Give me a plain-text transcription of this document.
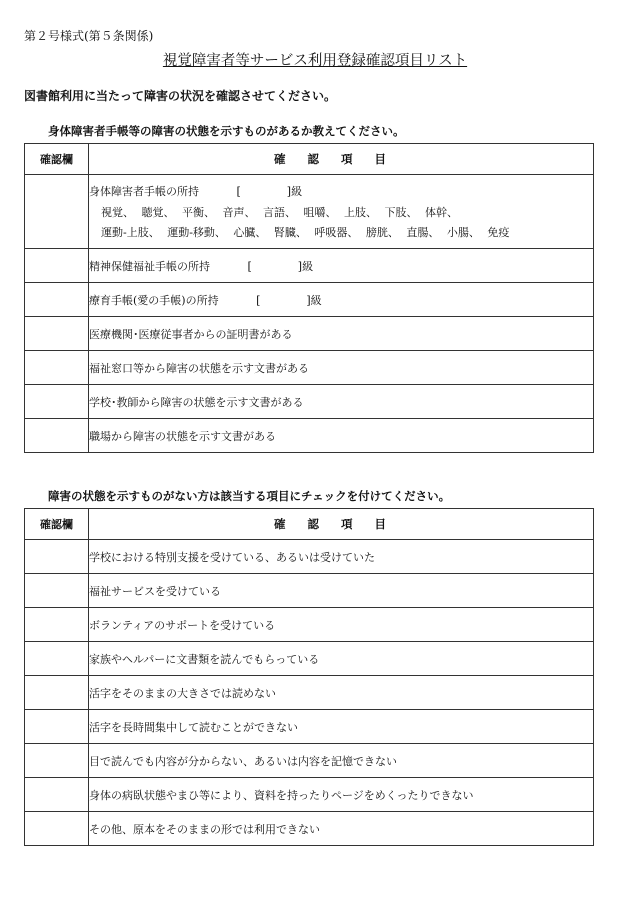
第２号様式(第５条関係)
視覚障害者等サービス利用登録確認項目リスト
図書館利用に当たって障害の状況を確認させてください。
身体障害者手帳等の障害の状態を示すものがあるか教えてください。
確認欄	確認項目

	身体障害者手帳の所持 [ ]級
視覚、 聴覚、 平衡、 音声、 言語、 咀嚼、 上肢、 下肢、 体幹、
運動-上肢、 運動-移動、 心臓、 腎臓、 呼吸器、 膀胱、 直腸、 小腸、 免疫

	精神保健福祉手帳の所持 [ ]級
	療育手帳(愛の手帳)の所持 [ ]級
	医療機関･医療従事者からの証明書がある
	福祉窓口等から障害の状態を示す文書がある
	学校･教師から障害の状態を示す文書がある
	職場から障害の状態を示す文書がある
障害の状態を示すものがない方は該当する項目にチェックを付けてください。
確認欄	確認項目
	学校における特別支援を受けている、あるいは受けていた
	福祉サービスを受けている
	ボランティアのサポートを受けている
	家族やヘルパーに文書類を読んでもらっている
	活字をそのままの大きさでは読めない
	活字を長時間集中して読むことができない
	目で読んでも内容が分からない、あるいは内容を記憶できない
	身体の病臥状態やまひ等により、資料を持ったりページをめくったりできない
	その他、原本をそのままの形では利用できない
